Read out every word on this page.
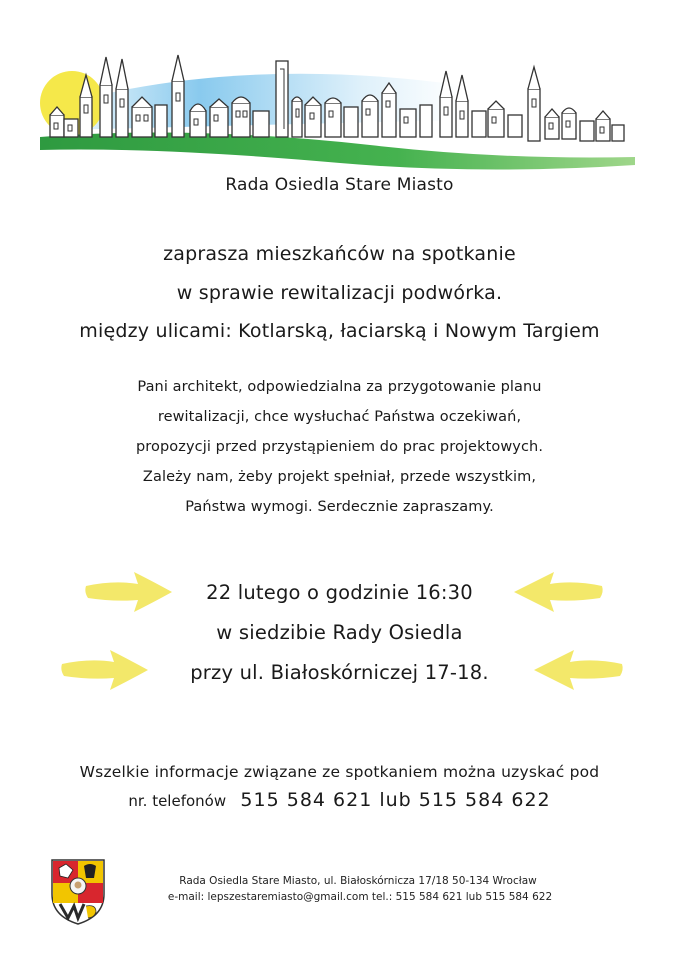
Rada Osiedla Stare Miasto
zaprasza mieszkańców na spotkanie
w sprawie rewitalizacji podwórka.
między ulicami: Kotlarską, łaciarską i Nowym Targiem
Pani architekt, odpowiedzialna za przygotowanie planu
rewitalizacji, chce wysłuchać Państwa oczekiwań,
propozycji przed przystąpieniem do prac projektowych.
Zależy nam, żeby projekt spełniał, przede wszystkim,
Państwa wymogi. Serdecznie zapraszamy.
22 lutego o godzinie 16:30
w siedzibie Rady Osiedla
przy ul. Białoskórniczej 17-18.
Wszelkie informacje związane ze spotkaniem można uzyskać pod
nr. telefonów 515 584 621 lub 515 584 622
Rada Osiedla Stare Miasto, ul. Białoskórnicza 17/18 50-134 Wrocław
e-mail: lepszestaremiasto@gmail.com tel.: 515 584 621 lub 515 584 622
